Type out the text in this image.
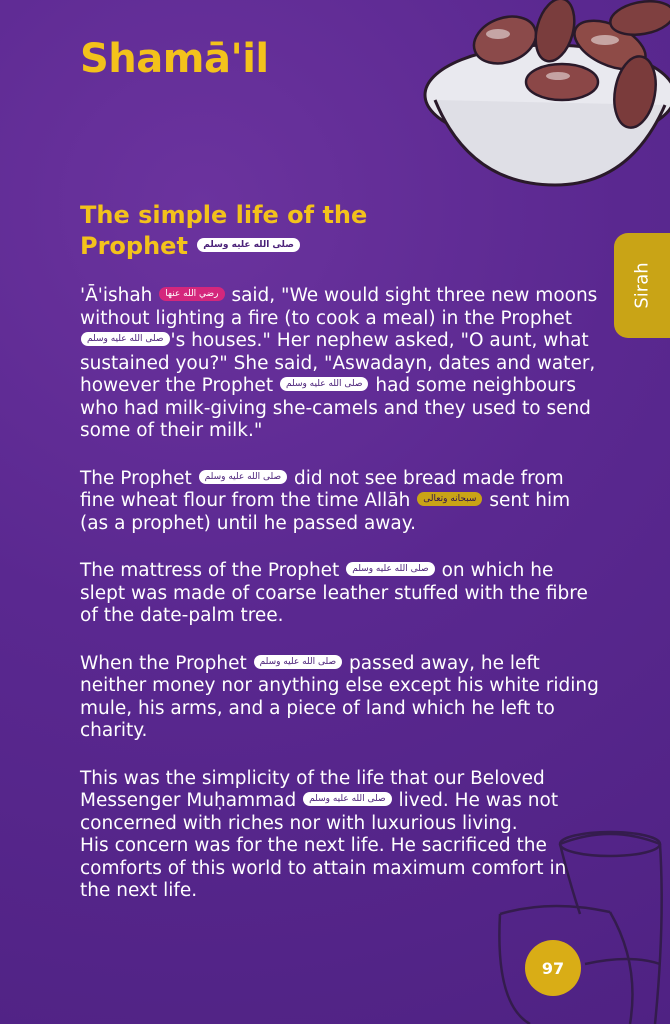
Shamā'il
Sirah
The simple life of the
Prophet صلى الله عليه وسلم

'Ā'ishah رضي الله عنها said, "We would sight three new moons without lighting a fire (to cook a meal) in the Prophet صلى الله عليه وسلم 's houses." Her nephew asked, "O aunt, what sustained you?" She said, "Aswadayn, dates and water, however the Prophet صلى الله عليه وسلم had some neighbours who had milk-giving she-camels and they used to send some of their milk."

The Prophet صلى الله عليه وسلم did not see bread made from fine wheat flour from the time Allāh سبحانه وتعالى sent him (as a prophet) until he passed away.

The mattress of the Prophet صلى الله عليه وسلم on which he slept was made of coarse leather stuffed with the fibre of the date-palm tree.

When the Prophet صلى الله عليه وسلم passed away, he left neither money nor anything else except his white riding mule, his arms, and a piece of land which he left to charity.

This was the simplicity of the life that our Beloved Messenger Muḥammad صلى الله عليه وسلم lived. He was not concerned with riches nor with luxurious living.
His concern was for the next life. He sacrificed the comforts of this world to attain maximum comfort in the next life.

97
